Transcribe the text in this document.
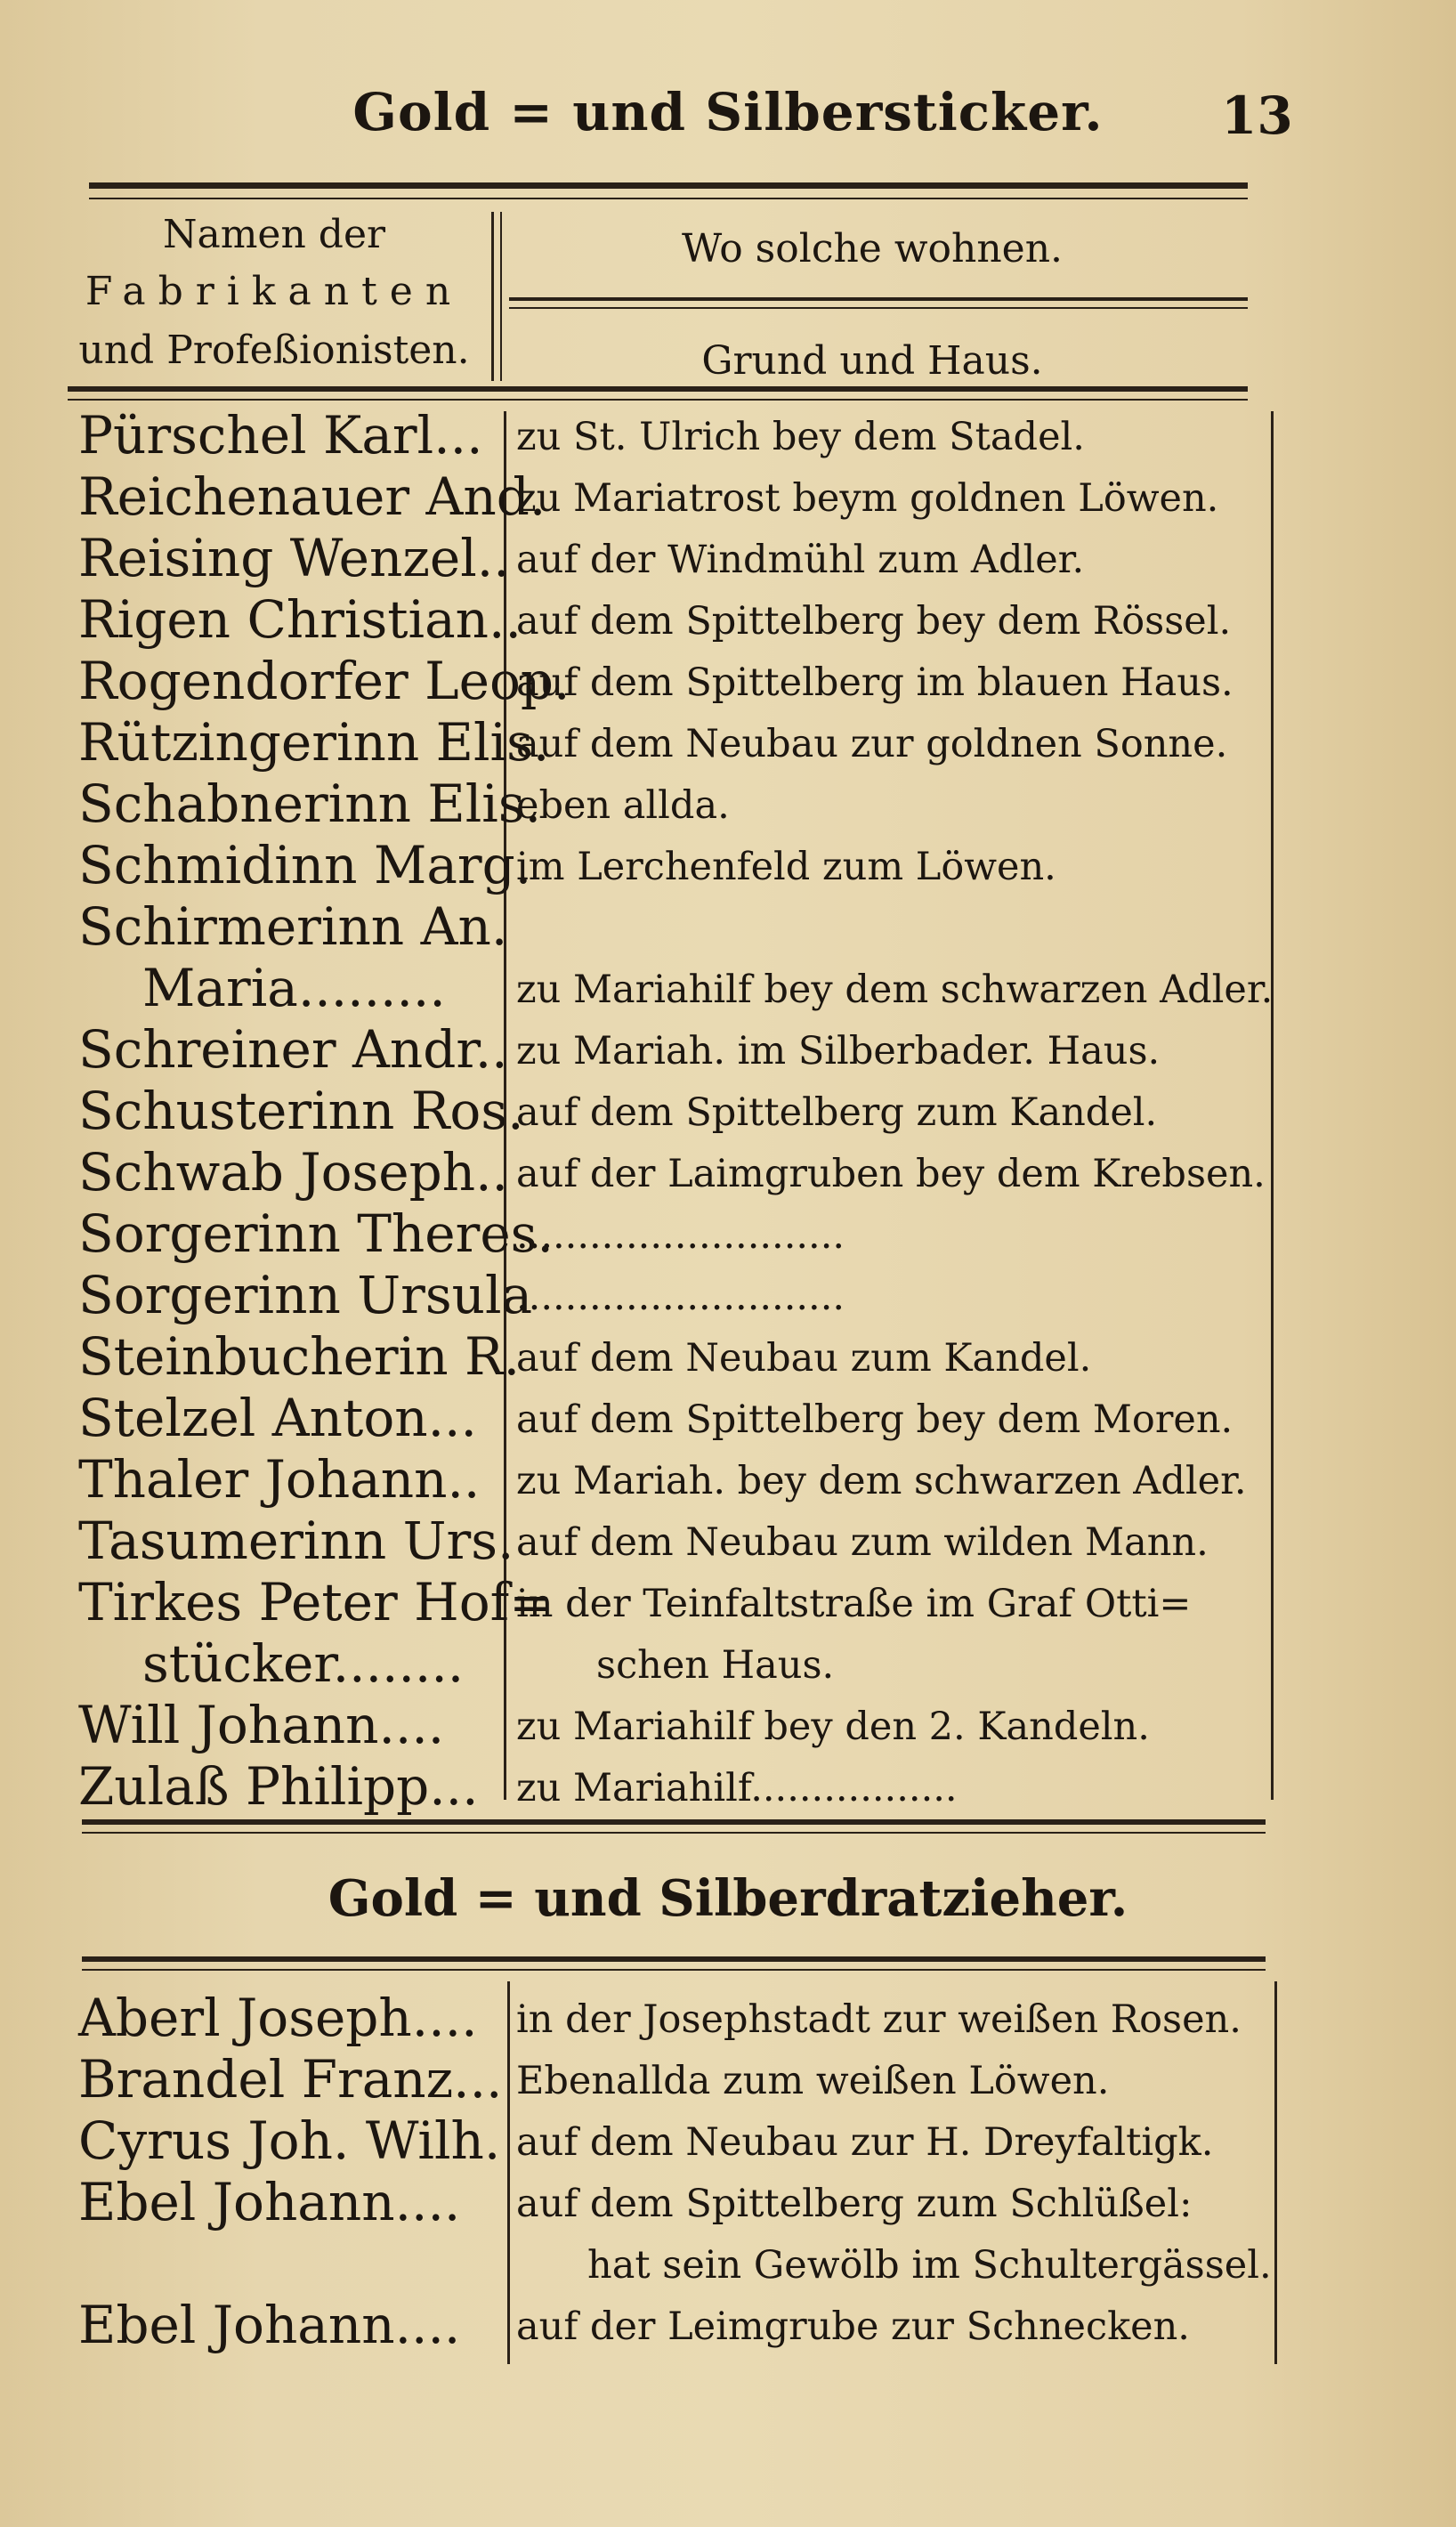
Gold = und Silbersticker.	13
Namen der
Fabrikanten
und Profeßionisten.
Wo solche wohnen.
Grund und Haus.
Pürschel Karl... zu St. Ulrich bey dem Stadel.
Reichenauer And.
zu Mariatrost beym goldnen Löwen.
Reising Wenzel.. auf der Windmühl zum Adler.
Rigen Christian..
auf dem Spittelberg bey dem Rössel.
Rogendorfer Leop.
auf dem Spittelberg im blauen Haus.
Rützingerinn Elis.
auf dem Neubau zur goldnen Sonne.
Schabnerinn Elis.
eben allda.
Schmidinn Marg.
im Lerchenfeld zum Löwen.
Schirmerinn An.
Maria......... zu Mariahilf bey dem schwarzen Adler.
Schreiner Andr.. zu Mariah. im Silberbader. Haus.
Schusterinn Ros.
auf dem Spittelberg zum Kandel.
Schwab Joseph.. auf der Laimgruben bey dem Krebsen.
Sorgerinn Theres.
...........................
Sorgerinn Ursula
...........................
Steinbucherin R.
auf dem Neubau zum Kandel.
Stelzel Anton... auf dem Spittelberg bey dem Moren.
Thaler Johann.. zu Mariah. bey dem schwarzen Adler.
Tasumerinn Urs. auf dem Neubau zum wilden Mann.
Tirkes Peter Hof=
in der Teinfaltstraße im Graf Otti=
stücker........	schen Haus.
Will Johann.... zu Mariahilf bey den 2. Kandeln.
Zulaß Philipp... zu Mariahilf.................
Gold = und Silberdratzieher.
Aberl Joseph.... in der Josephstadt zur weißen Rosen.
Brandel Franz... Ebenallda zum weißen Löwen.
Cyrus Joh. Wilh. auf dem Neubau zur H. Dreyfaltigk.
Ebel Johann.... auf dem Spittelberg zum Schlüßel:
hat sein Gewölb im Schultergässel.
Ebel Johann.... auf der Leimgrube zur Schnecken.
